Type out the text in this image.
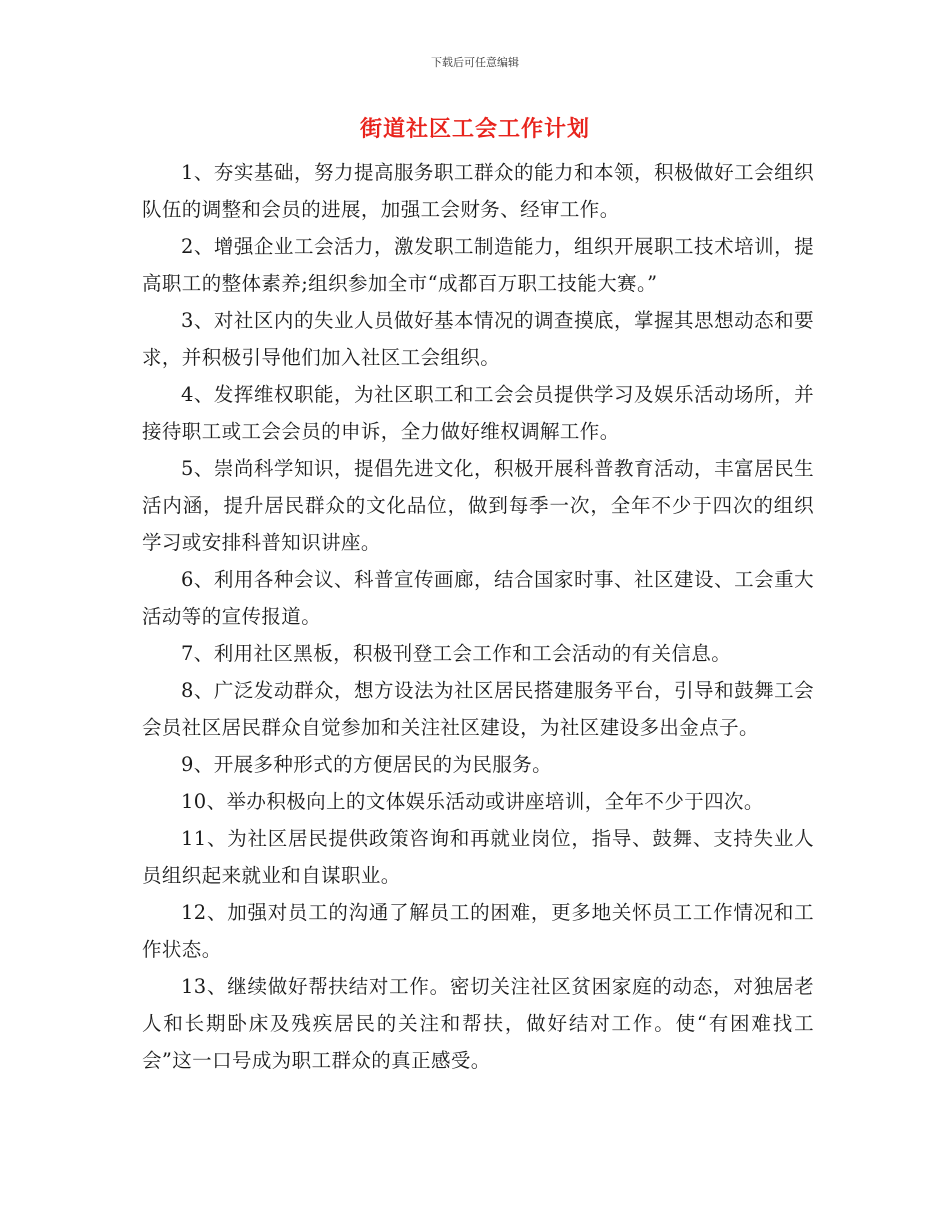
下载后可任意编辑
街道社区工会工作计划

1、夯实基础，努力提高服务职工群众的能力和本领，积极做好工会组织队伍的调整和会员的进展，加强工会财务、经审工作。

2、增强企业工会活力，激发职工制造能力，组织开展职工技术培训，提高职工的整体素养;组织参加全市“成都百万职工技能大赛。”

3、对社区内的失业人员做好基本情况的调查摸底，掌握其思想动态和要求，并积极引导他们加入社区工会组织。

4、发挥维权职能，为社区职工和工会会员提供学习及娱乐活动场所，并接待职工或工会会员的申诉，全力做好维权调解工作。

5、崇尚科学知识，提倡先进文化，积极开展科普教育活动，丰富居民生活内涵，提升居民群众的文化品位，做到每季一次，全年不少于四次的组织学习或安排科普知识讲座。

6、利用各种会议、科普宣传画廊，结合国家时事、社区建设、工会重大活动等的宣传报道。

7、利用社区黑板，积极刊登工会工作和工会活动的有关信息。

8、广泛发动群众，想方设法为社区居民搭建服务平台，引导和鼓舞工会会员社区居民群众自觉参加和关注社区建设，为社区建设多出金点子。

9、开展多种形式的方便居民的为民服务。

10、举办积极向上的文体娱乐活动或讲座培训，全年不少于四次。

11、为社区居民提供政策咨询和再就业岗位，指导、鼓舞、支持失业人员组织起来就业和自谋职业。

12、加强对员工的沟通了解员工的困难，更多地关怀员工工作情况和工作状态。

13、继续做好帮扶结对工作。密切关注社区贫困家庭的动态，对独居老人和长期卧床及残疾居民的关注和帮扶，做好结对工作。使“有困难找工会”这一口号成为职工群众的真正感受。
